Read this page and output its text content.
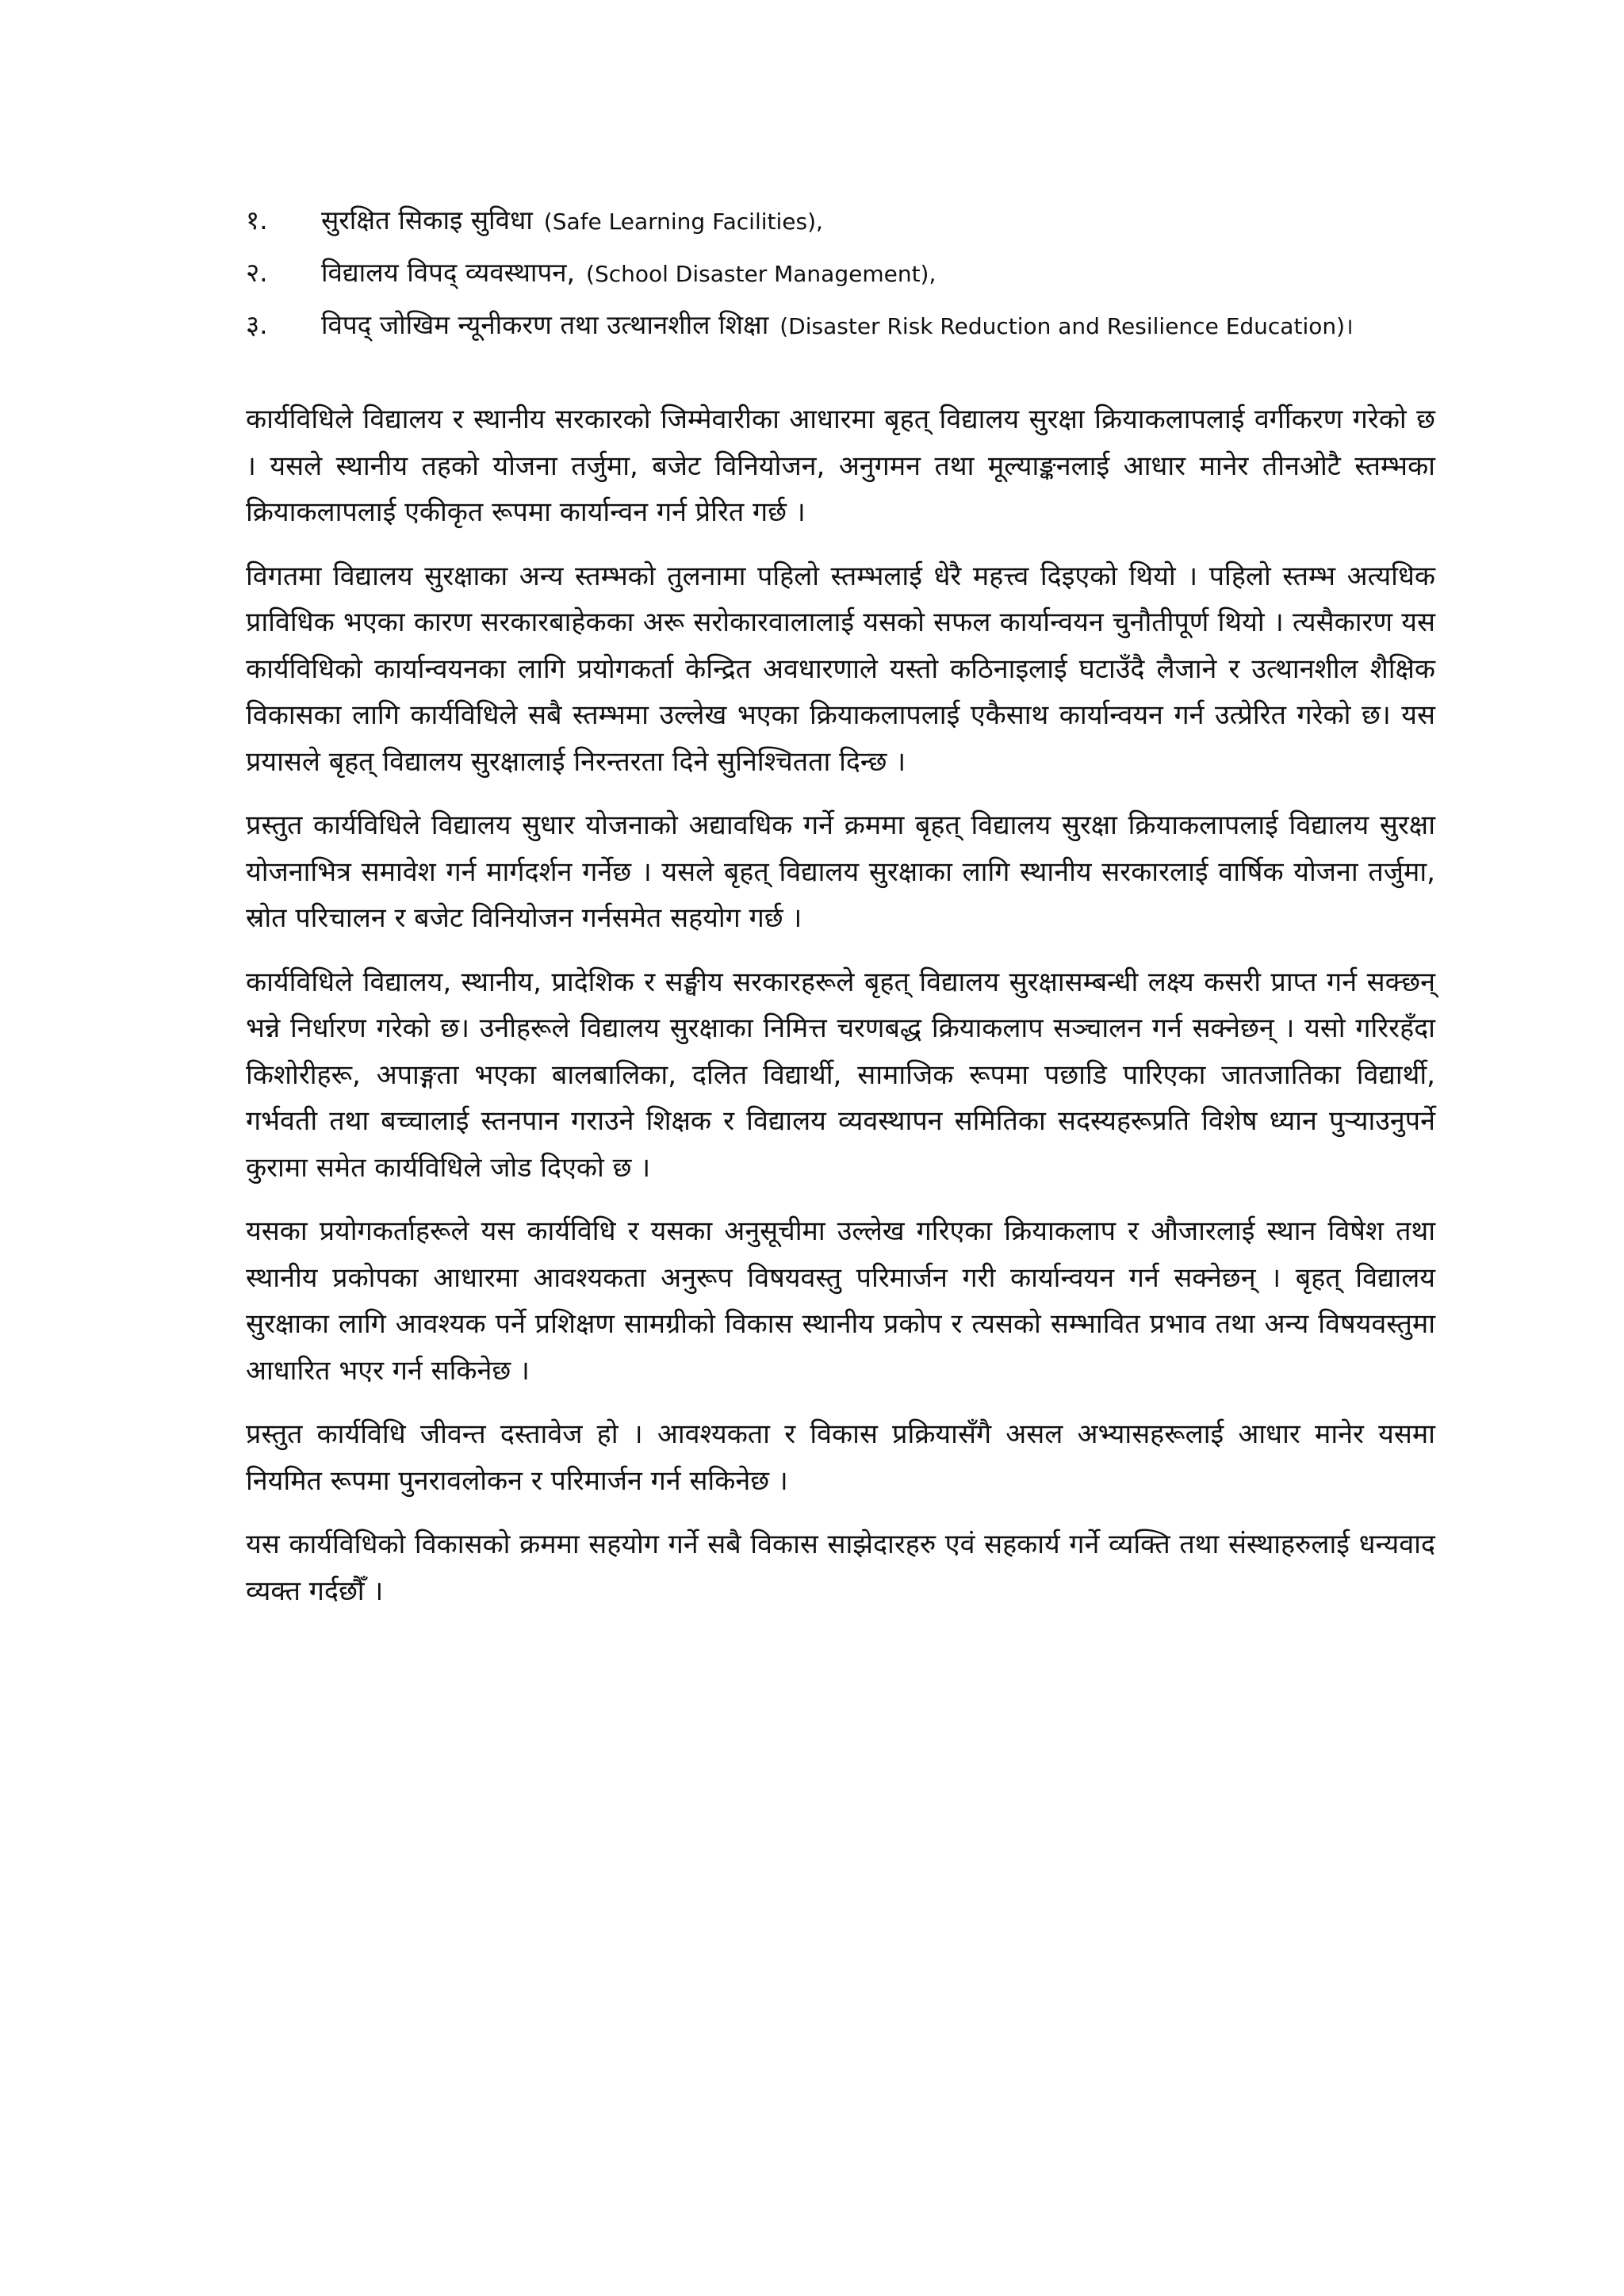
१.	सुरक्षित सिकाइ सुविधा (Safe Learning Facilities),
२.	विद्यालय विपद् व्यवस्थापन, (School Disaster Management),
३.	विपद् जोखिम न्यूनीकरण तथा उत्थानशील शिक्षा (Disaster Risk Reduction and Resilience Education)।

कार्यविधिले विद्यालय र स्थानीय सरकारको जिम्मेवारीका आधारमा बृहत् विद्यालय सुरक्षा क्रियाकलापलाई वर्गीकरण गरेको छ । यसले स्थानीय तहको योजना तर्जुमा, बजेट विनियोजन, अनुगमन तथा मूल्याङ्कनलाई आधार मानेर तीनओटै स्तम्भका क्रियाकलापलाई एकीकृत रूपमा कार्यान्वन गर्न प्रेरित गर्छ ।

विगतमा विद्यालय सुरक्षाका अन्य स्तम्भको तुलनामा पहिलो स्तम्भलाई धेरै महत्त्व दिइएको थियो । पहिलो स्तम्भ अत्यधिक प्राविधिक भएका कारण सरकारबाहेकका अरू सरोकारवालालाई यसको सफल कार्यान्वयन चुनौतीपूर्ण थियो । त्यसैकारण यस कार्यविधिको कार्यान्वयनका लागि प्रयोगकर्ता केन्द्रित अवधारणाले यस्तो कठिनाइलाई घटाउँदै लैजाने र उत्थानशील शैक्षिक विकासका लागि कार्यविधिले सबै स्तम्भमा उल्लेख भएका क्रियाकलापलाई एकैसाथ कार्यान्वयन गर्न उत्प्रेरित गरेको छ। यस प्रयासले बृहत् विद्यालय सुरक्षालाई निरन्तरता दिने सुनिश्चितता दिन्छ ।

प्रस्तुत कार्यविधिले विद्यालय सुधार योजनाको अद्यावधिक गर्ने क्रममा बृहत् विद्यालय सुरक्षा क्रियाकलापलाई विद्यालय सुरक्षा योजनाभित्र समावेश गर्न मार्गदर्शन गर्नेछ । यसले बृहत् विद्यालय सुरक्षाका लागि स्थानीय सरकारलाई वार्षिक योजना तर्जुमा, स्रोत परिचालन र बजेट विनियोजन गर्नसमेत सहयोग गर्छ ।

कार्यविधिले विद्यालय, स्थानीय, प्रादेशिक र सङ्घीय सरकारहरूले बृहत् विद्यालय सुरक्षासम्बन्धी लक्ष्य कसरी प्राप्त गर्न सक्छन् भन्ने निर्धारण गरेको छ। उनीहरूले विद्यालय सुरक्षाका निमित्त चरणबद्ध क्रियाकलाप सञ्चालन गर्न सक्नेछन् । यसो गरिरहँदा किशोरीहरू, अपाङ्गता भएका बालबालिका, दलित विद्यार्थी, सामाजिक रूपमा पछाडि पारिएका जातजातिका विद्यार्थी, गर्भवती तथा बच्चालाई स्तनपान गराउने शिक्षक र विद्यालय व्यवस्थापन समितिका सदस्यहरूप्रति विशेष ध्यान पुऱ्याउनुपर्ने कुरामा समेत कार्यविधिले जोड दिएको छ ।

यसका प्रयोगकर्ताहरूले यस कार्यविधि र यसका अनुसूचीमा उल्लेख गरिएका क्रियाकलाप र औजारलाई स्थान विषेश तथा स्थानीय प्रकोपका आधारमा आवश्यकता अनुरूप विषयवस्तु परिमार्जन गरी कार्यान्वयन गर्न सक्नेछन् । बृहत् विद्यालय सुरक्षाका लागि आवश्यक पर्ने प्रशिक्षण सामग्रीको विकास स्थानीय प्रकोप र त्यसको सम्भावित प्रभाव तथा अन्य विषयवस्तुमा आधारित भएर गर्न सकिनेछ ।

प्रस्तुत कार्यविधि जीवन्त दस्तावेज हो । आवश्यकता र विकास प्रक्रियासँगै असल अभ्यासहरूलाई आधार मानेर यसमा नियमित रूपमा पुनरावलोकन र परिमार्जन गर्न सकिनेछ ।

यस कार्यविधिको विकासको क्रममा सहयोग गर्ने सबै विकास साझेदारहरु एवं सहकार्य गर्ने व्यक्ति तथा संस्थाहरुलाई धन्यवाद व्यक्त गर्दछौँ ।
